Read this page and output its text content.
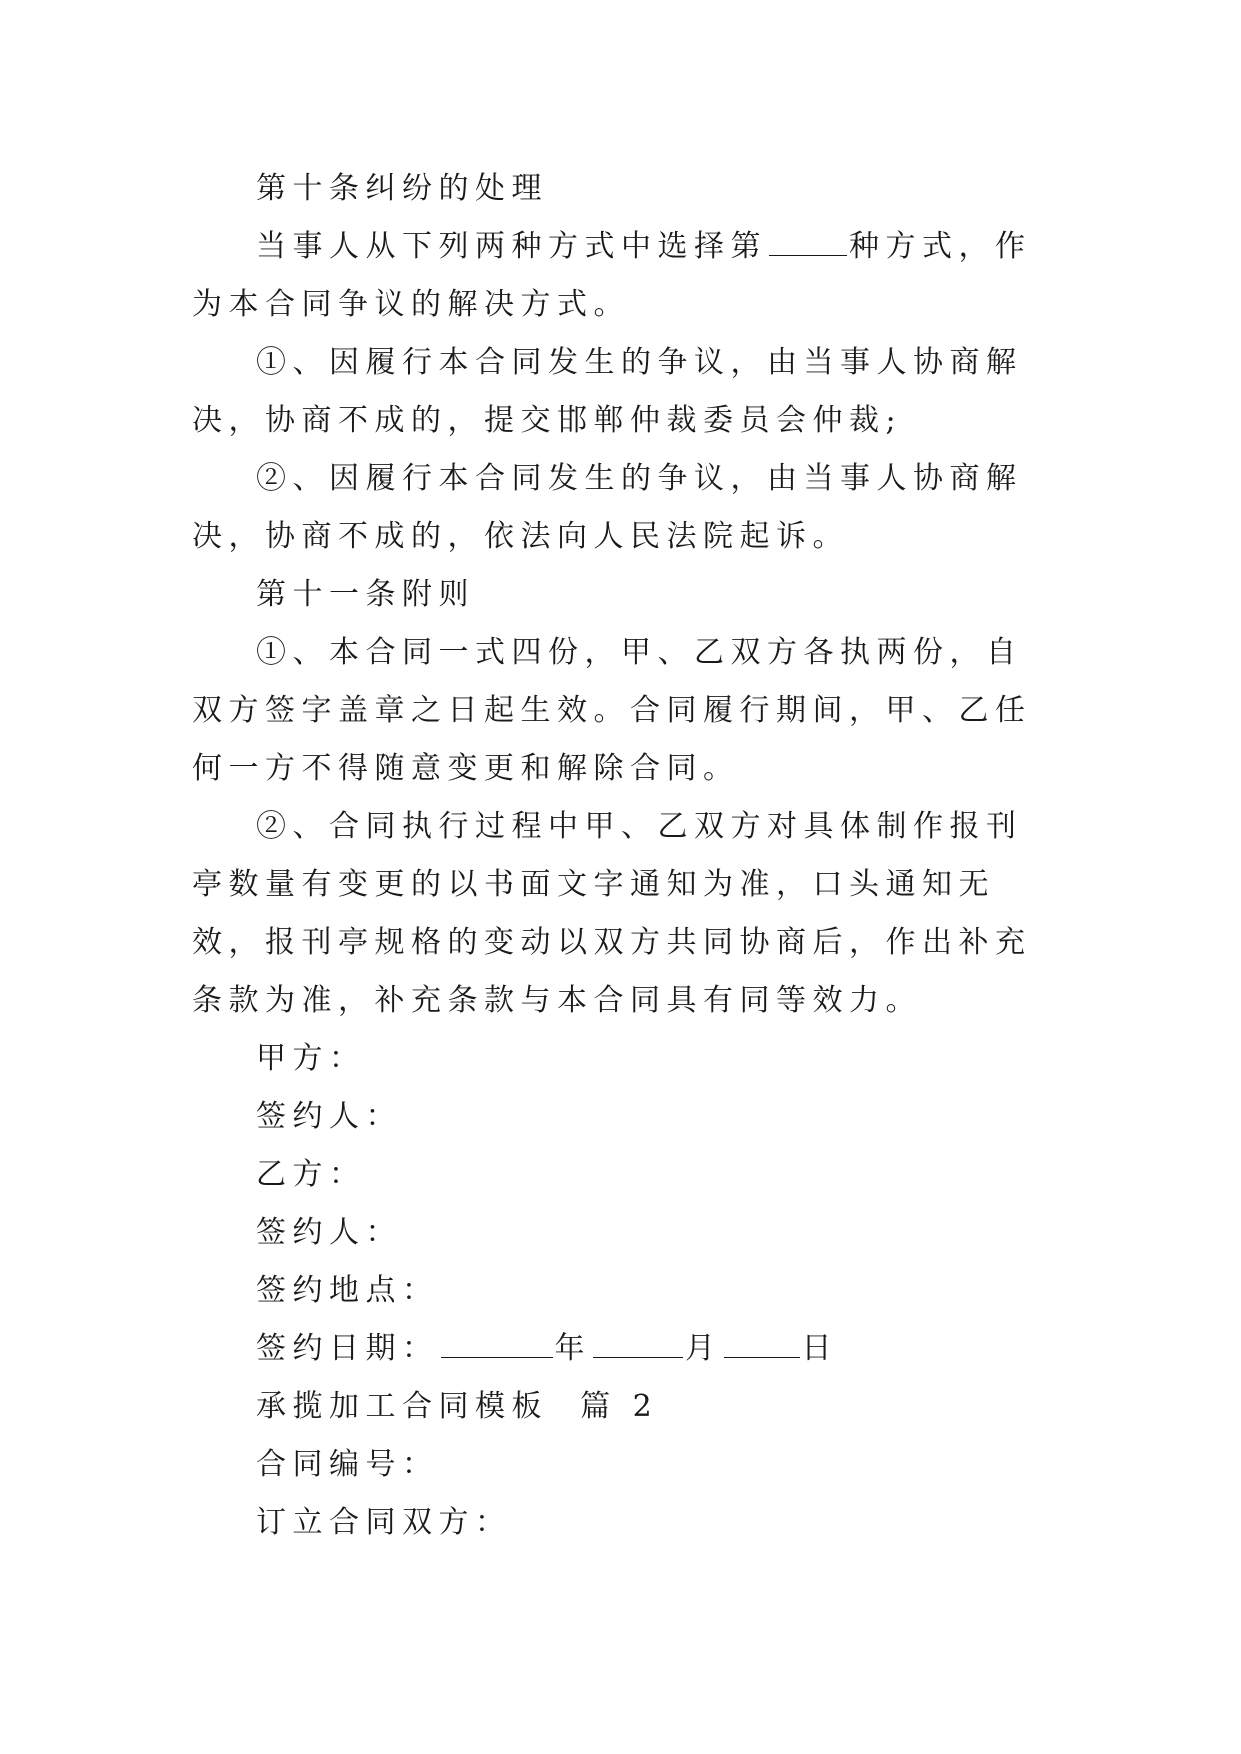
第十条纠纷的处理

当事人从下列两种方式中选择第	种方式，作为本合同争议的解决方式。

①、因履行本合同发生的争议，由当事人协商解决，协商不成的，提交邯郸仲裁委员会仲裁;

②、因履行本合同发生的争议，由当事人协商解决，协商不成的，依法向人民法院起诉。

第十一条附则

①、本合同一式四份，甲、乙双方各执两份，自双方签字盖章之日起生效。合同履行期间，甲、乙任何一方不得随意变更和解除合同。

②、合同执行过程中甲、乙双方对具体制作报刊亭数量有变更的以书面文字通知为准，口头通知无效，报刊亭规格的变动以双方共同协商后，作出补充条款为准，补充条款与本合同具有同等效力。

甲方：

签约人：

乙方：

签约人：

签约地点：

签约日期：	年	月	日

承揽加工合同模板  篇 2

合同编号：

订立合同双方：
